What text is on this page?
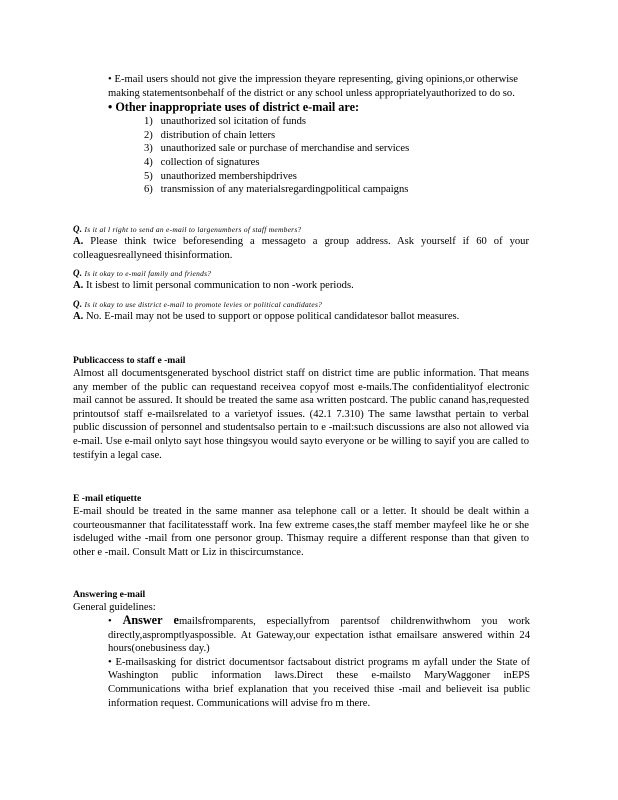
• E-mail users should not give the impression theyare representing, giving opinions,or otherwise making statementsonbehalf of the district or any school unless appropriatelyauthorized to do so.

• Other inappropriate uses of district e-mail are:

1) unauthorized sol icitation of funds
2) distribution of chain letters
3) unauthorized sale or purchase of merchandise and services
4) collection of signatures
5) unauthorized membershipdrives
6) transmission of any materialsregardingpolitical campaigns

Q. Is it al l right to send an e-mail to largenumbers of staff members?

A. Please think twice beforesending a messageto a group address. Ask yourself if 60 of your colleaguesreallyneed thisinformation.

Q. Is it okay to e-mail family and friends?

A. It isbest to limit personal communication to non -work periods.

Q. Is it okay to use district e-mail to promote levies or political candidates?

A. No. E-mail may not be used to support or oppose political candidatesor ballot measures.

Publicaccess to staff e -mail

Almost all documentsgenerated byschool district staff on district time are public information. That means any member of the public can requestand receivea copyof most e-mails.The confidentialityof electronic mail cannot be assured. It should be treated the same asa written postcard. The public canand has,requested printoutsof staff e-mailsrelated to a varietyof issues. (42.1 7.310) The same lawsthat pertain to verbal public discussion of personnel and studentsalso pertain to e -mail:such discussions are also not allowed via e-mail. Use e-mail onlyto sayt hose thingsyou would sayto everyone or be willing to sayif you are called to testifyin a legal case.

E -mail etiquette

E-mail should be treated in the same manner asa telephone call or a letter. It should be dealt within a courteousmanner that facilitatesstaff work. Ina few extreme cases,the staff member mayfeel like he or she isdeluged withe -mail from one personor group. Thismay require a different response than that given to other e -mail. Consult Matt or Liz in thiscircumstance.

Answering e-mail

General guidelines:

• Answer emailsfromparents, especiallyfrom parentsof childrenwithwhom you work directly,aspromptlyaspossible. At Gateway,our expectation isthat emailsare answered within 24 hours(onebusiness day.)

• E-mailsasking for district documentsor factsabout district programs m ayfall under the State of Washington public information laws.Direct these e-mailsto MaryWaggoner inEPS Communications witha brief explanation that you received thise -mail and believeit isa public information request. Communications will advise fro m there.
